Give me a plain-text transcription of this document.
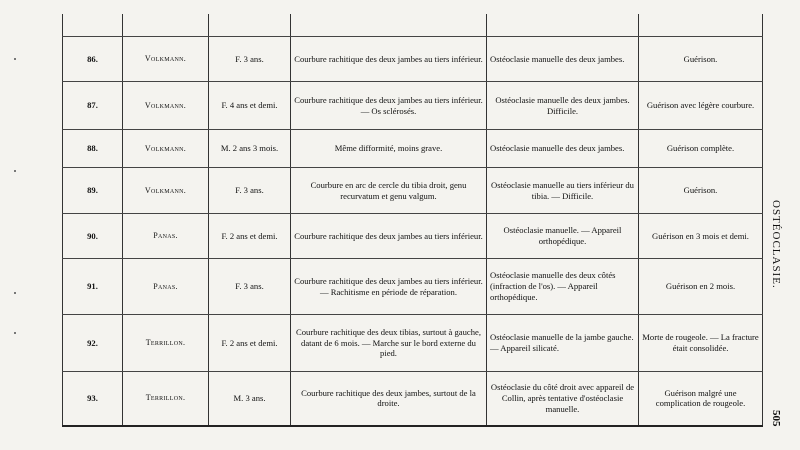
86.	Volkmann.	F. 3 ans.	Courbure rachitique des deux jambes au tiers inférieur.	Ostéoclasie manuelle des deux jambes.	Guérison.
87.	Volkmann.	F. 4 ans et demi.	Courbure rachitique des deux jambes au tiers inférieur. — Os sclérosés.	Ostéoclasie manuelle des deux jambes. Difficile.	Guérison avec légère courbure.
88.	Volkmann.	M. 2 ans 3 mois.	Même difformité, moins grave.	Ostéoclasie manuelle des deux jambes.	Guérison complète.
89.	Volkmann.	F. 3 ans.	Courbure en arc de cercle du tibia droit, genu recurvatum et genu valgum.	Ostéoclasie manuelle au tiers inférieur du tibia. — Difficile.	Guérison.
90.	Panas.	F. 2 ans et demi.	Courbure rachitique des deux jambes au tiers inférieur.	Ostéoclasie manuelle. — Appareil orthopédique.	Guérison en 3 mois et demi.
91.	Panas.	F. 3 ans.	Courbure rachitique des deux jambes au tiers inférieur. — Rachitisme en période de réparation.	Ostéoclasie manuelle des deux côtés (infraction de l'os). — Appareil orthopédique.	Guérison en 2 mois.
92.	Terrillon.	F. 2 ans et demi.	Courbure rachitique des deux tibias, surtout à gauche, datant de 6 mois. — Marche sur le bord externe du pied.	Ostéoclasie manuelle de la jambe gauche. — Appareil silicaté.	Morte de rougeole. — La fracture était consolidée.
93.	Terrillon.	M. 3 ans.	Courbure rachitique des deux jambes, surtout de la droite.	Ostéoclasie du côté droit avec appareil de Collin, après tentative d'ostéoclasie manuelle.	Guérison malgré une complication de rougeole.
OSTÉOCLASIE.
505
